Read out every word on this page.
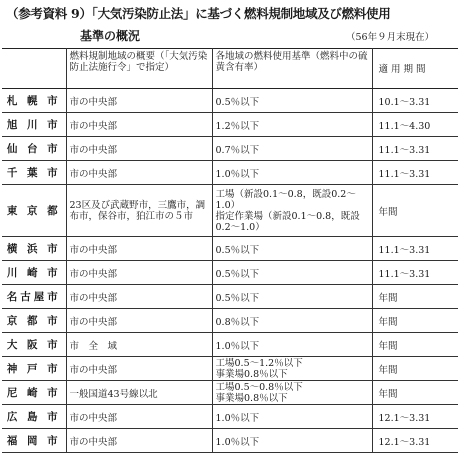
（参考資料 9）「大気汚染防止法」に基づく燃料規制地域及び燃料使用
基準の概況	（56年９月末現在）
	燃料規制地域の概要（「大気汚染防止法施行令」で指定）	各地域の燃料使用基準（燃料中の硫黄含有率）	適 用 期 間
札 幌 市	市の中央部	0.5％以下	10.1～3.31
旭 川 市	市の中央部	1.2％以下	11.1～4.30
仙 台 市	市の中央部	0.7％以下	11.1～3.31
千 葉 市	市の中央部	1.0％以下	11.1～3.31
東 京 都	23区及び武蔵野市，三鷹市，調布市，保谷市，狛江市の５市	工場（新設0.1～0.8，既設0.2～1.0）
指定作業場（新設0.1～0.8，既設0.2～1.0）	年間
横 浜 市	市の中央部	0.5％以下	11.1～3.31
川 崎 市	市の中央部	0.5％以下	11.1～3.31
名古屋市	市の中央部	0.5％以下	年間
京 都 市	市の中央部	0.8％以下	年間
大 阪 市	市　全　域	1.0％以下	年間
神 戸 市	市の中央部	工場0.5～1.2％以下
事業場0.8％以下	年間
尼 崎 市	一般国道43号線以北	工場0.5～0.8％以下
事業場0.8％以下	年間
広 島 市	市の中央部	1.0％以下	12.1～3.31
福 岡 市	市の中央部	1.0％以下	12.1～3.31
